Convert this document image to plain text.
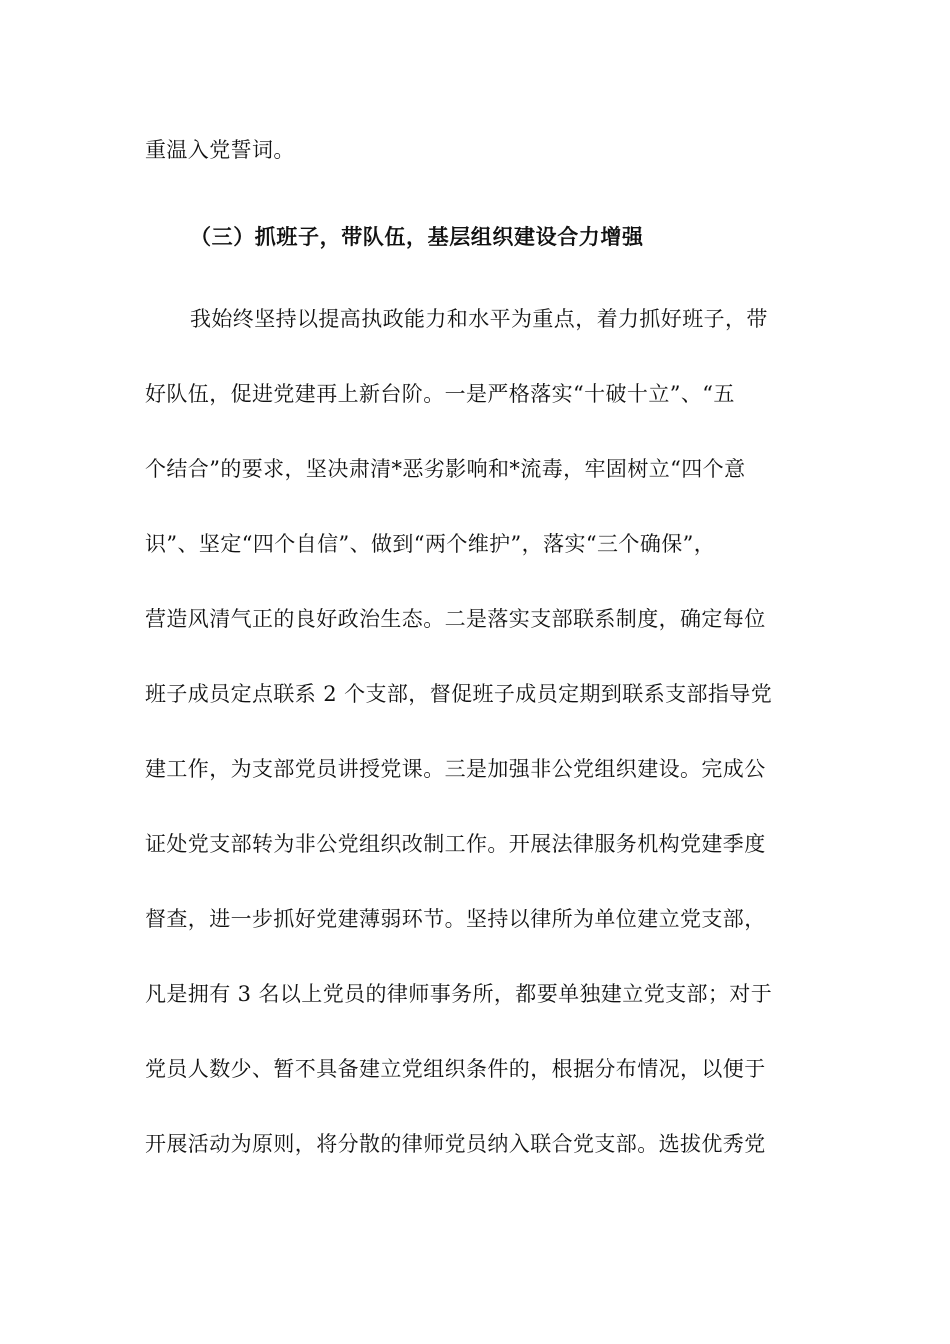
重温入党誓词。
（三）抓班子，带队伍，基层组织建设合力增强
我始终坚持以提高执政能力和水平为重点，着力抓好班子，带
好队伍，促进党建再上新台阶。一是严格落实“十破十立”、“五
个结合”的要求，坚决肃清*恶劣影响和*流毒，牢固树立“四个意
识”、坚定“四个自信”、做到“两个维护”，落实“三个确保”，
营造风清气正的良好政治生态。二是落实支部联系制度，确定每位
班子成员定点联系 2 个支部，督促班子成员定期到联系支部指导党
建工作，为支部党员讲授党课。三是加强非公党组织建设。完成公
证处党支部转为非公党组织改制工作。开展法律服务机构党建季度
督查，进一步抓好党建薄弱环节。坚持以律所为单位建立党支部，
凡是拥有 3 名以上党员的律师事务所，都要单独建立党支部；对于
党员人数少、暂不具备建立党组织条件的，根据分布情况，以便于
开展活动为原则，将分散的律师党员纳入联合党支部。选拔优秀党
